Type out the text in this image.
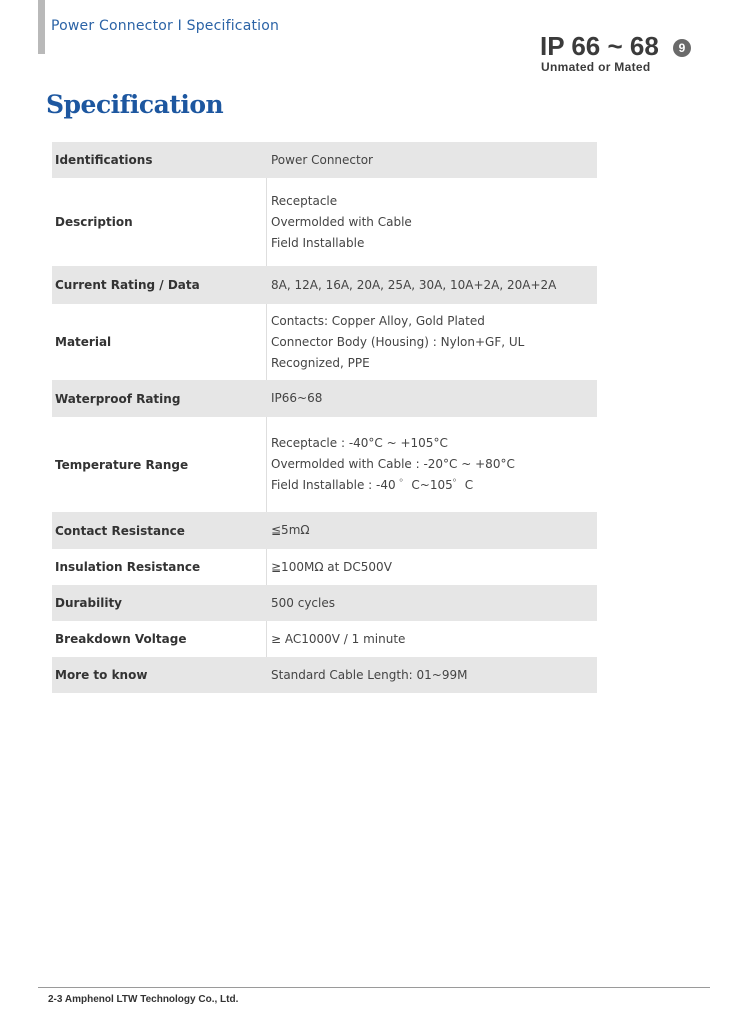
Power Connector I Specification
IP 66 ~ 68	9
Unmated or Mated
Specification
Identifications	Power Connector

Description	Receptacle
Overmolded with Cable
Field Installable

Current Rating / Data	8A, 12A, 16A, 20A, 25A, 30A, 10A+2A, 20A+2A

Material	Contacts: Copper Alloy, Gold Plated
Connector Body (Housing) : Nylon+GF, UL
Recognized, PPE

Waterproof Rating	IP66~68

Temperature Range	Receptacle : -40°C ~ +105°C
Overmolded with Cable : -20°C ~ +80°C
Field Installable : -40 ゜C~105゜C

Contact Resistance	≦5mΩ

Insulation Resistance	≧100MΩ at DC500V

Durability	500 cycles

Breakdown Voltage	≥ AC1000V / 1 minute

More to know	Standard Cable Length: 01~99M
2-3 Amphenol LTW Technology Co., Ltd.
